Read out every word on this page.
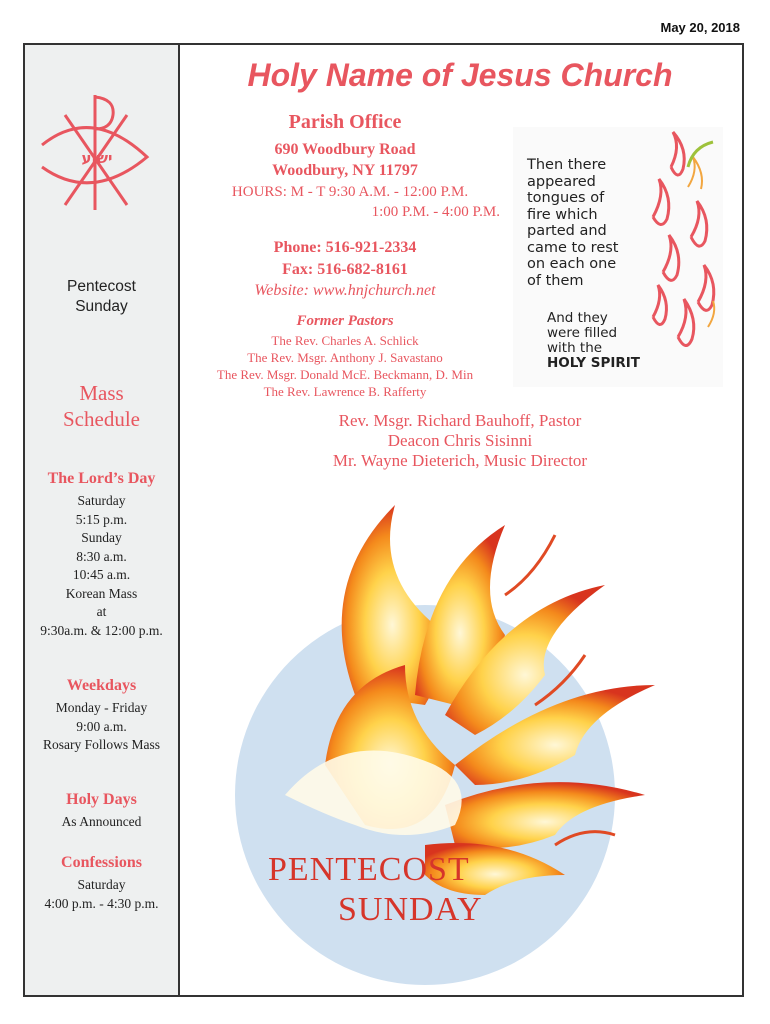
May 20, 2018
ישוע
Pentecost
Sunday
Mass
Schedule
The Lord’s Day
Saturday
5:15 p.m.
Sunday
8:30 a.m.
10:45 a.m.
Korean Mass
at
9:30a.m. & 12:00 p.m.
Weekdays
Monday - Friday
9:00 a.m.
Rosary Follows Mass
Holy Days
As Announced
Confessions
Saturday
4:00 p.m. - 4:30 p.m.
Holy Name of Jesus Church
Parish Office
690 Woodbury Road
Woodbury, NY 11797
HOURS: M - T 9:30 A.M. - 12:00 P.M.
1:00 P.M. - 4:00 P.M.
Phone: 516-921-2334
Fax: 516-682-8161
Website: www.hnjchurch.net
Former Pastors
The Rev. Charles A. Schlick
The Rev. Msgr. Anthony J. Savastano
The Rev. Msgr. Donald McE. Beckmann, D. Min
The Rev. Lawrence B. Rafferty
Then there
appeared
tongues of
fire which
parted and
came to rest
on each one
of them
And they
were filled
with the
HOLY SPIRIT
Rev. Msgr. Richard Bauhoff, Pastor
Deacon Chris Sisinni
Mr. Wayne Dieterich, Music Director
PENTECOST
SUNDAY
